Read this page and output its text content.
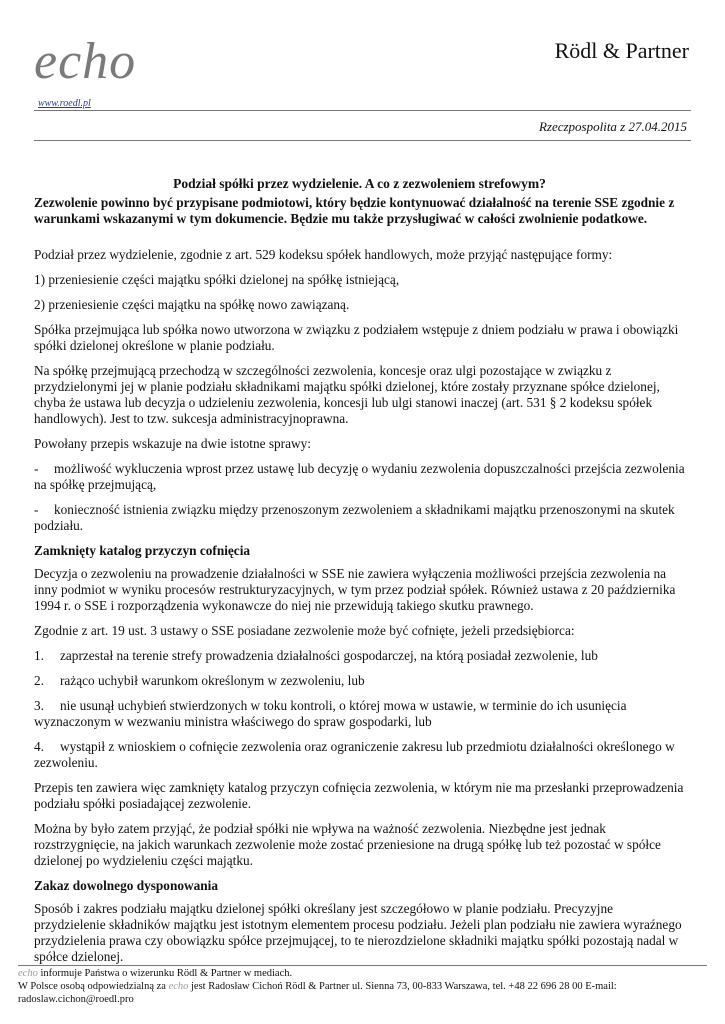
echo
www.roedl.pl
Rödl & Partner
Rzeczpospolita z 27.04.2015
Podział spółki przez wydzielenie. A co z zezwoleniem strefowym?
Zezwolenie powinno być przypisane podmiotowi, który będzie kontynuować działalność na terenie SSE zgodnie z warunkami wskazanymi w tym dokumencie. Będzie mu także przysługiwać w całości zwolnienie podatkowe.

Podział przez wydzielenie, zgodnie z art. 529 kodeksu spółek handlowych, może przyjąć następujące formy:

1) przeniesienie części majątku spółki dzielonej na spółkę istniejącą,

2) przeniesienie części majątku na spółkę nowo zawiązaną.

Spółka przejmująca lub spółka nowo utworzona w związku z podziałem wstępuje z dniem podziału w prawa i obowiązki spółki dzielonej określone w planie podziału.

Na spółkę przejmującą przechodzą w szczególności zezwolenia, koncesje oraz ulgi pozostające w związku z przydzielonymi jej w planie podziału składnikami majątku spółki dzielonej, które zostały przyznane spółce dzielonej, chyba że ustawa lub decyzja o udzieleniu zezwolenia, koncesji lub ulgi stanowi inaczej (art. 531 § 2 kodeksu spółek handlowych). Jest to tzw. sukcesja administracyjnoprawna.

Powołany przepis wskazuje na dwie istotne sprawy:

- możliwość wykluczenia wprost przez ustawę lub decyzję o wydaniu zezwolenia dopuszczalności przejścia zezwolenia na spółkę przejmującą,

- konieczność istnienia związku między przenoszonym zezwoleniem a składnikami majątku przenoszonymi na skutek podziału.

Zamknięty katalog przyczyn cofnięcia

Decyzja o zezwoleniu na prowadzenie działalności w SSE nie zawiera wyłączenia możliwości przejścia zezwolenia na inny podmiot w wyniku procesów restrukturyzacyjnych, w tym przez podział spółek. Również ustawa z 20 października 1994 r. o SSE i rozporządzenia wykonawcze do niej nie przewidują takiego skutku prawnego.

Zgodnie z art. 19 ust. 3 ustawy o SSE posiadane zezwolenie może być cofnięte, jeżeli przedsiębiorca:

1. zaprzestał na terenie strefy prowadzenia działalności gospodarczej, na którą posiadał zezwolenie, lub

2. rażąco uchybił warunkom określonym w zezwoleniu, lub

3. nie usunął uchybień stwierdzonych w toku kontroli, o której mowa w ustawie, w terminie do ich usunięcia wyznaczonym w wezwaniu ministra właściwego do spraw gospodarki, lub

4. wystąpił z wnioskiem o cofnięcie zezwolenia oraz ograniczenie zakresu lub przedmiotu działalności określonego w zezwoleniu.

Przepis ten zawiera więc zamknięty katalog przyczyn cofnięcia zezwolenia, w którym nie ma przesłanki przeprowadzenia podziału spółki posiadającej zezwolenie.

Można by było zatem przyjąć, że podział spółki nie wpływa na ważność zezwolenia. Niezbędne jest jednak rozstrzygnięcie, na jakich warunkach zezwolenie może zostać przeniesione na drugą spółkę lub też pozostać w spółce dzielonej po wydzieleniu części majątku.

Zakaz dowolnego dysponowania

Sposób i zakres podziału majątku dzielonej spółki określany jest szczegółowo w planie podziału. Precyzyjne przydzielenie składników majątku jest istotnym elementem procesu podziału. Jeżeli plan podziału nie zawiera wyraźnego przydzielenia prawa czy obowiązku spółce przejmującej, to te nierozdzielone składniki majątku spółki pozostają nadal w spółce dzielonej.

echo informuje Państwa o wizerunku Rödl & Partner w mediach.
W Polsce osobą odpowiedzialną za echo jest Radosław Cichoń Rödl & Partner ul. Sienna 73, 00-833 Warszawa, tel. +48 22 696 28 00 E-mail: radoslaw.cichon@roedl.pro
